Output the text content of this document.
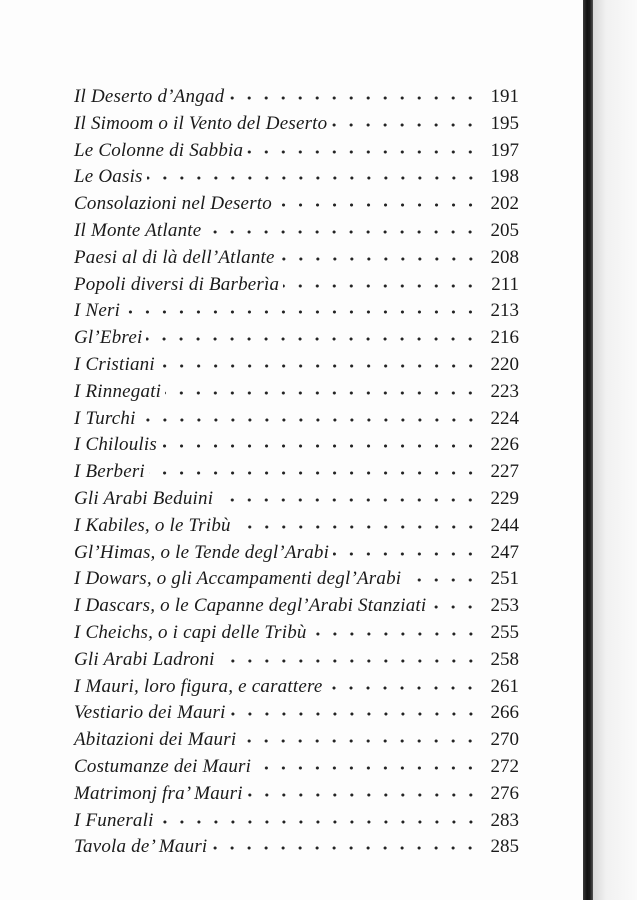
Il Deserto d’Angad	191
Il Simoom o il Vento del Deserto	195
Le Colonne di Sabbia	197
Le Oasis	198
Consolazioni nel Deserto	202
Il Monte Atlante	205
Paesi al di là dell’Atlante	208
Popoli diversi di Barberìa	211
I Neri	213
Gl’Ebrei	216
I Cristiani	220
I Rinnegati	223
I Turchi	224
I Chiloulis	226
I Berberi	227
Gli Arabi Beduini	229
I Kabiles, o le Tribù	244
Gl’Himas, o le Tende degl’Arabi	247
I Dowars, o gli Accampamenti degl’Arabi	251
I Dascars, o le Capanne degl’Arabi Stanziati	253
I Cheichs, o i capi delle Tribù	255
Gli Arabi Ladroni	258
I Mauri, loro figura, e carattere	261
Vestiario dei Mauri	266
Abitazioni dei Mauri	270
Costumanze dei Mauri	272
Matrimonj fra’ Mauri	276
I Funerali	283
Tavola de’ Mauri	285
